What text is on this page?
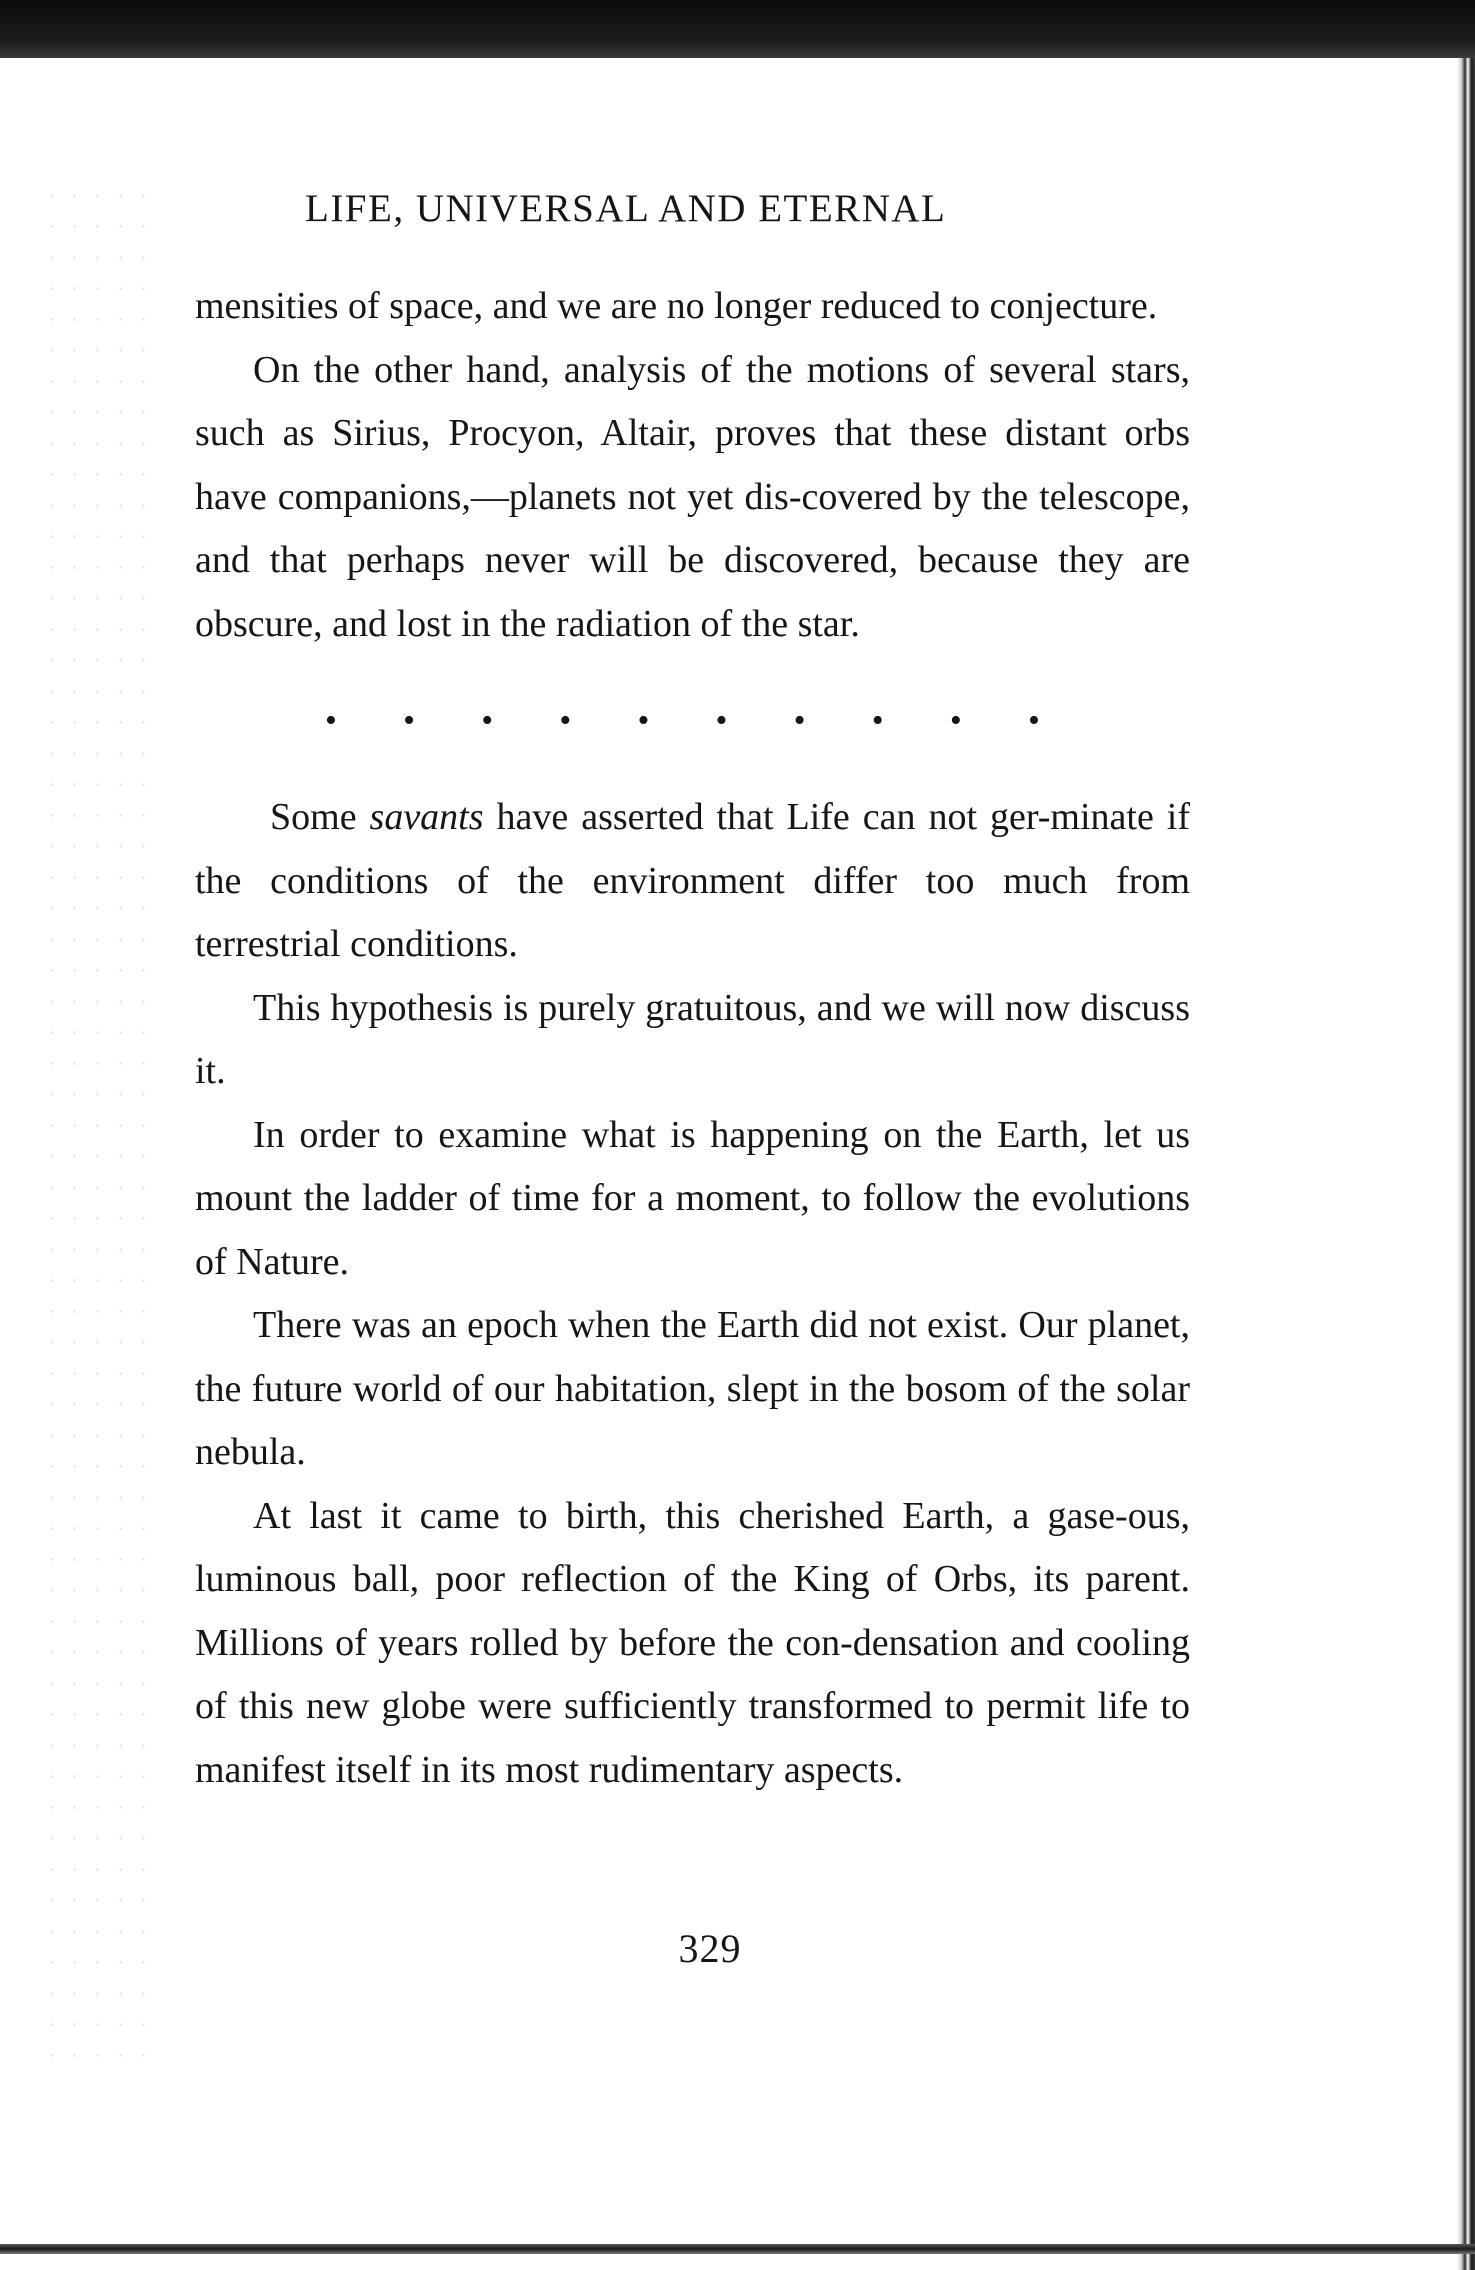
LIFE, UNIVERSAL AND ETERNAL

mensities of space, and we are no longer reduced to conjecture.

On the other hand, analysis of the motions of several stars, such as Sirius, Procyon, Altair, proves that these distant orbs have companions,—planets not yet dis-covered by the telescope, and that perhaps never will be discovered, because they are obscure, and lost in the radiation of the star.

• • • • • • • • • •

Some savants have asserted that Life can not ger-minate if the conditions of the environment differ too much from terrestrial conditions.

This hypothesis is purely gratuitous, and we will now discuss it.

In order to examine what is happening on the Earth, let us mount the ladder of time for a moment, to follow the evolutions of Nature.

There was an epoch when the Earth did not exist. Our planet, the future world of our habitation, slept in the bosom of the solar nebula.

At last it came to birth, this cherished Earth, a gase-ous, luminous ball, poor reflection of the King of Orbs, its parent. Millions of years rolled by before the con-densation and cooling of this new globe were sufficiently transformed to permit life to manifest itself in its most rudimentary aspects.

329
